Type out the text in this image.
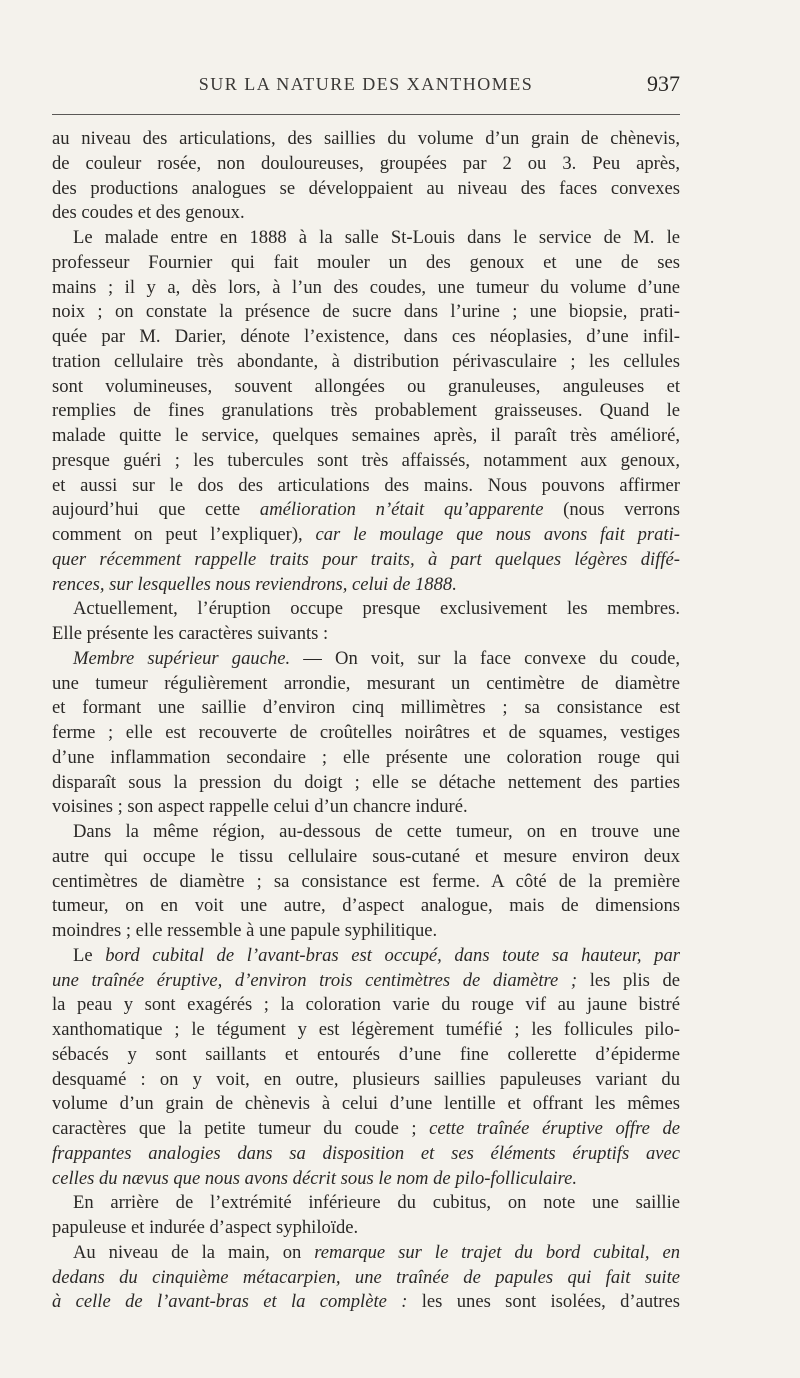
SUR LA NATURE DES XANTHOMES	937
au niveau des articulations, des saillies du volume d’un grain de chènevis,
de couleur rosée, non douloureuses, groupées par 2 ou 3. Peu après,
des productions analogues se développaient au niveau des faces convexes
des coudes et des genoux.
Le malade entre en 1888 à la salle St-Louis dans le service de M. le
professeur Fournier qui fait mouler un des genoux et une de ses
mains ; il y a, dès lors, à l’un des coudes, une tumeur du volume d’une
noix ; on constate la présence de sucre dans l’urine ; une biopsie, prati-
quée par M. Darier, dénote l’existence, dans ces néoplasies, d’une infil-
tration cellulaire très abondante, à distribution périvasculaire ; les cellules
sont volumineuses, souvent allongées ou granuleuses, anguleuses et
remplies de fines granulations très probablement graisseuses. Quand le
malade quitte le service, quelques semaines après, il paraît très amélioré,
presque guéri ; les tubercules sont très affaissés, notamment aux genoux,
et aussi sur le dos des articulations des mains. Nous pouvons affirmer
aujourd’hui que cette amélioration n’était qu’apparente (nous verrons
comment on peut l’expliquer), car le moulage que nous avons fait prati-
quer récemment rappelle traits pour traits, à part quelques légères diffé-
rences, sur lesquelles nous reviendrons, celui de 1888.
Actuellement, l’éruption occupe presque exclusivement les membres.
Elle présente les caractères suivants :
Membre supérieur gauche. — On voit, sur la face convexe du coude,
une tumeur régulièrement arrondie, mesurant un centimètre de diamètre
et formant une saillie d’environ cinq millimètres ; sa consistance est
ferme ; elle est recouverte de croûtelles noirâtres et de squames, vestiges
d’une inflammation secondaire ; elle présente une coloration rouge qui
disparaît sous la pression du doigt ; elle se détache nettement des parties
voisines ; son aspect rappelle celui d’un chancre induré.
Dans la même région, au-dessous de cette tumeur, on en trouve une
autre qui occupe le tissu cellulaire sous-cutané et mesure environ deux
centimètres de diamètre ; sa consistance est ferme. A côté de la première
tumeur, on en voit une autre, d’aspect analogue, mais de dimensions
moindres ; elle ressemble à une papule syphilitique.
Le bord cubital de l’avant-bras est occupé, dans toute sa hauteur, par
une traînée éruptive, d’environ trois centimètres de diamètre ; les plis de
la peau y sont exagérés ; la coloration varie du rouge vif au jaune bistré
xanthomatique ; le tégument y est légèrement tuméfié ; les follicules pilo-
sébacés y sont saillants et entourés d’une fine collerette d’épiderme
desquamé : on y voit, en outre, plusieurs saillies papuleuses variant du
volume d’un grain de chènevis à celui d’une lentille et offrant les mêmes
caractères que la petite tumeur du coude ; cette traînée éruptive offre de
frappantes analogies dans sa disposition et ses éléments éruptifs avec
celles du nævus que nous avons décrit sous le nom de pilo-folliculaire.
En arrière de l’extrémité inférieure du cubitus, on note une saillie
papuleuse et indurée d’aspect syphiloïde.
Au niveau de la main, on remarque sur le trajet du bord cubital, en
dedans du cinquième métacarpien, une traînée de papules qui fait suite
à celle de l’avant-bras et la complète : les unes sont isolées, d’autres
